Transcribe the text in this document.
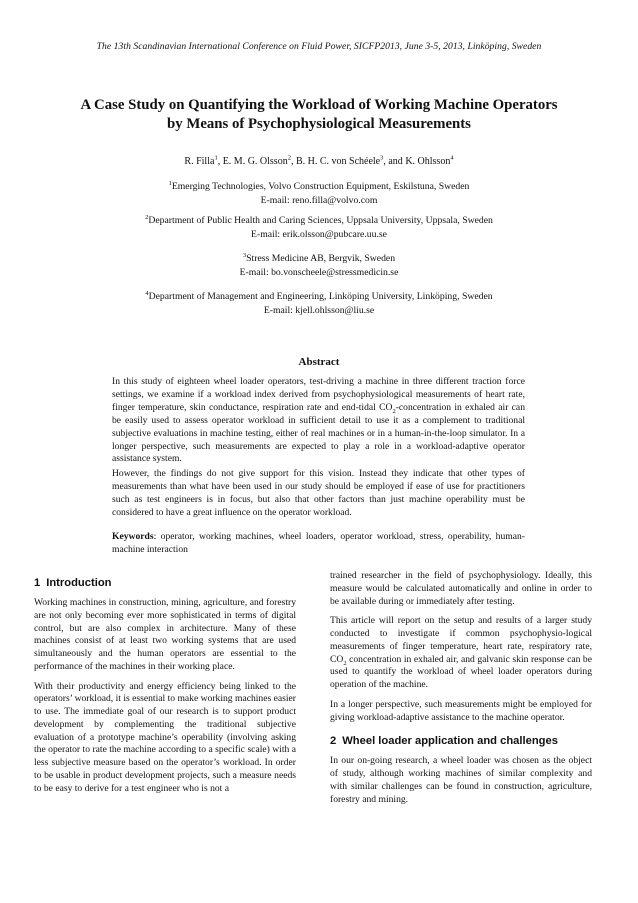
The 13th Scandinavian International Conference on Fluid Power, SICFP2013, June 3-5, 2013, Linköping, Sweden
A Case Study on Quantifying the Workload of Working Machine Operators
by Means of Psychophysiological Measurements
R. Filla$^1$, E. M. G. Olsson$^2$, B. H. C. von Schéele$^3$, and K. Ohlsson$^4$
$^1$Emerging Technologies, Volvo Construction Equipment, Eskilstuna, Sweden
E-mail: reno.filla@volvo.com
$^2$Department of Public Health and Caring Sciences, Uppsala University, Uppsala, Sweden
E-mail: erik.olsson@pubcare.uu.se
$^3$Stress Medicine AB, Bergvik, Sweden
E-mail: bo.vonscheele@stressmedicin.se
$^4$Department of Management and Engineering, Linköping University, Linköping, Sweden
E-mail: kjell.ohlsson@liu.se
Abstract
In this study of eighteen wheel loader operators, test-driving a machine in three different traction force settings, we examine if a workload index derived from psychophysiological measurements of heart rate, finger temperature, skin conductance, respiration rate and end-tidal $CO_2$-concentration in exhaled air can be easily used to assess operator workload in sufficient detail to use it as a complement to traditional subjective evaluations in machine testing, either of real machines or in a human-in-the-loop simulator. In a longer perspective, such measurements are expected to play a role in a workload-adaptive operator assistance system.
However, the findings do not give support for this vision. Instead they indicate that other types of measurements than what have been used in our study should be employed if ease of use for practitioners such as test engineers is in focus, but also that other factors than just machine operability must be considered to have a great influence on the operator workload.
Keywords: operator, working machines, wheel loaders, operator workload, stress, operability, human-machine interaction
1 Introduction

Working machines in construction, mining, agriculture, and forestry are not only becoming ever more sophisticated in terms of digital control, but are also complex in architecture. Many of these machines consist of at least two working systems that are used simultaneously and the human operators are essential to the performance of the machines in their working place.

With their productivity and energy efficiency being linked to the operators’ workload, it is essential to make working machines easier to use. The immediate goal of our research is to support product development by complementing the traditional subjective evaluation of a prototype machine’s operability (involving asking the operator to rate the machine according to a specific scale) with a less subjective measure based on the operator’s workload. In order to be usable in product development projects, such a measure needs to be easy to derive for a test engineer who is not a

trained researcher in the field of psychophysiology. Ideally, this measure would be calculated automatically and online in order to be available during or immediately after testing.

This article will report on the setup and results of a larger study conducted to investigate if common psychophysio-logical measurements of finger temperature, heart rate, respiratory rate, $CO_2$ concentration in exhaled air, and galvanic skin response can be used to quantify the workload of wheel loader operators during operation of the machine.

In a longer perspective, such measurements might be employed for giving workload-adaptive assistance to the machine operator.

2 Wheel loader application and challenges

In our on-going research, a wheel loader was chosen as the object of study, although working machines of similar complexity and with similar challenges can be found in construction, agriculture, forestry and mining.
